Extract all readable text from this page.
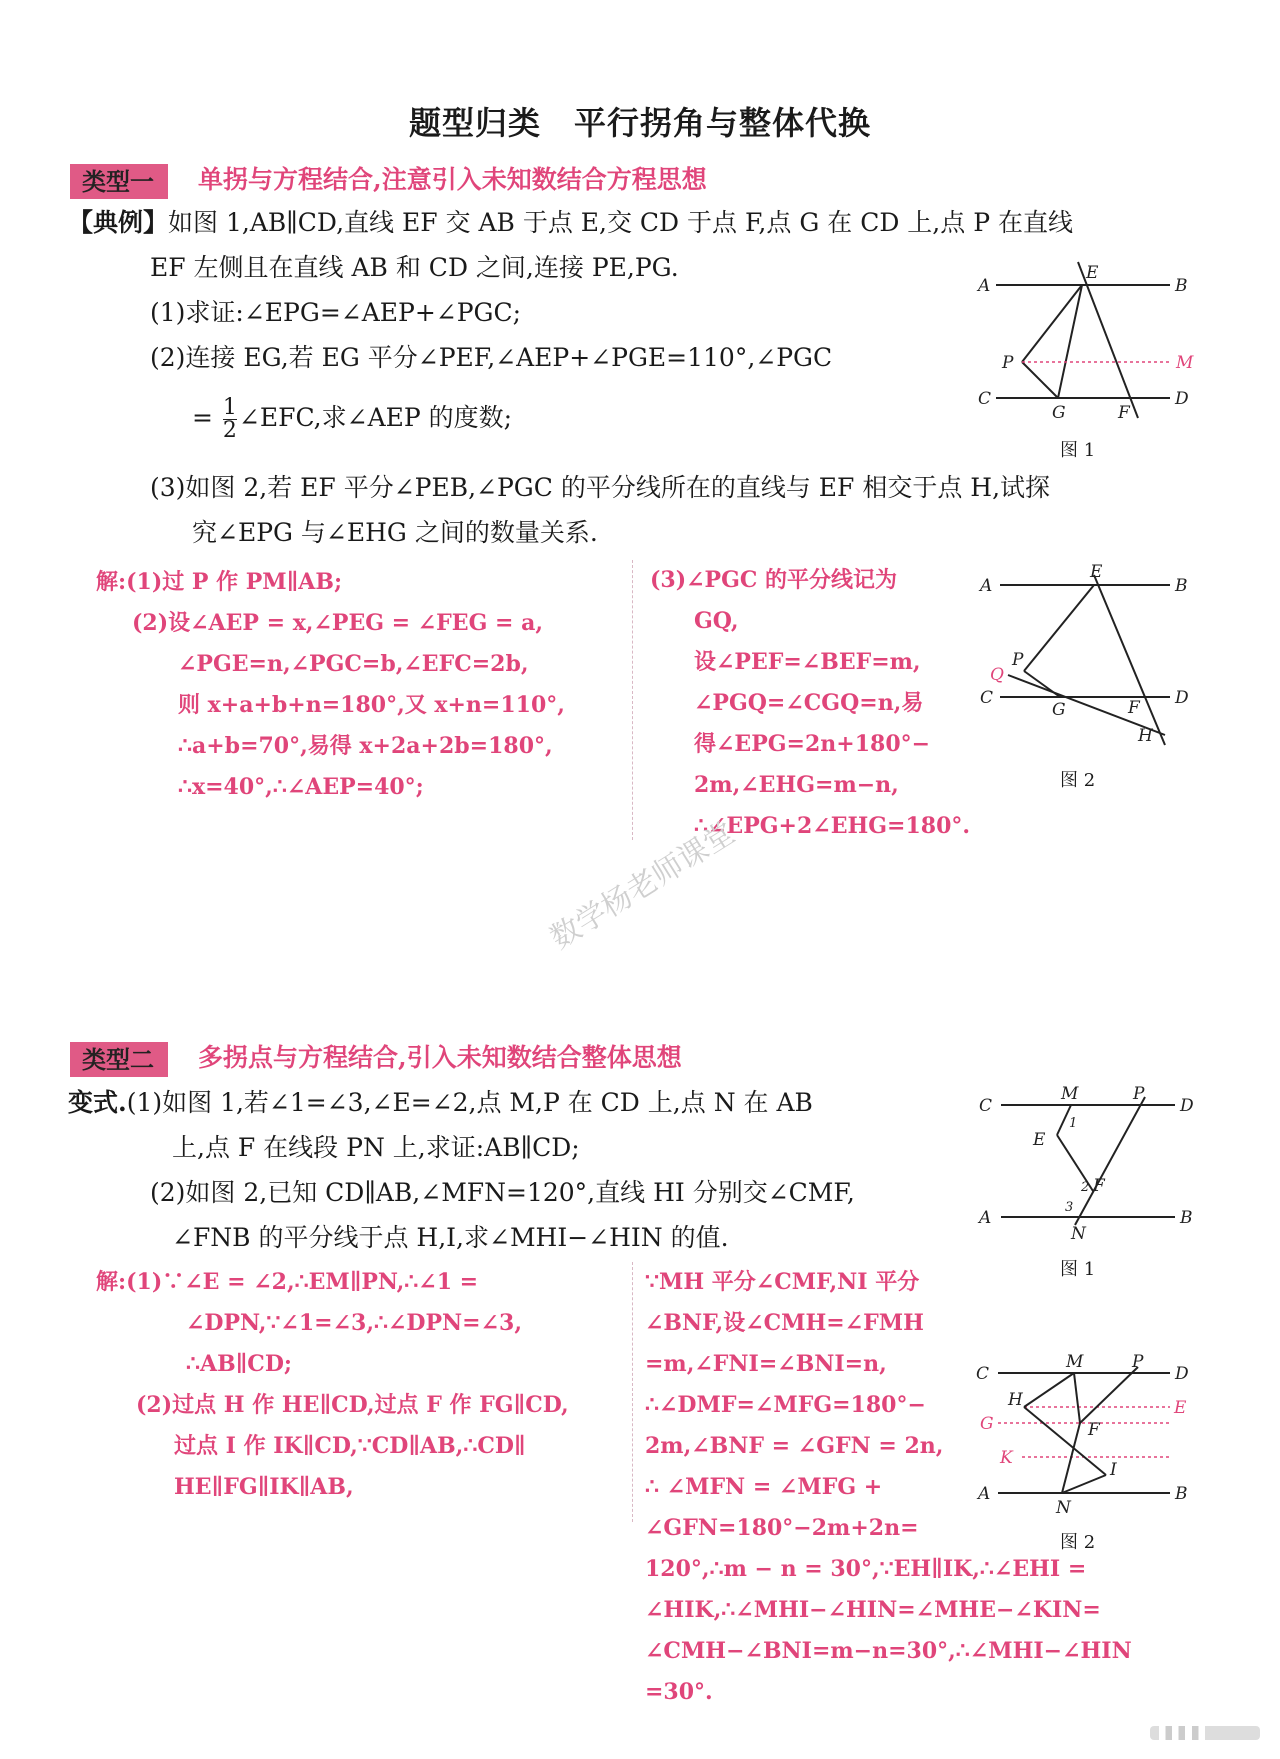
题型归类　平行拐角与整体代换
类型一	单拐与方程结合,注意引入未知数结合方程思想
【典例】如图 1,AB∥CD,直线 EF 交 AB 于点 E,交 CD 于点 F,点 G 在 CD 上,点 P 在直线
EF 左侧且在直线 AB 和 CD 之间,连接 PE,PG.
(1)求证:∠EPG=∠AEP+∠PGC;
(2)连接 EG,若 EG 平分∠PEF,∠AEP+∠PGE=110°,∠PGC
= $\frac{1}{2}$ ∠EFC,求∠AEP 的度数;
(3)如图 2,若 EF 平分∠PEB,∠PGC 的平分线所在的直线与 EF 相交于点 H,试探
究∠EPG 与∠EHG 之间的数量关系.
A
E
B
P	M
C
G	F
D
图 1
解:(1)过 P 作 PM∥AB;
(2)设∠AEP = x,∠PEG = ∠FEG = a,
∠PGE=n,∠PGC=b,∠EFC=2b,
则 x+a+b+n=180°,又 x+n=110°,
∴a+b=70°,易得 x+2a+2b=180°,
∴x=40°,∴∠AEP=40°;
(3)∠PGC 的平分线记为
GQ,
设∠PEF=∠BEF=m,
∠PGQ=∠CGQ=n,易
得∠EPG=2n+180°−
2m,∠EHG=m−n,
∴∠EPG+2∠EHG=180°.
A
E
B
P
Q
C
G	F D
H
图 2
数学杨老师课堂
类型二	多拐点与方程结合,引入未知数结合整体思想
变式.(1)如图 1,若∠1=∠3,∠E=∠2,点 M,P 在 CD 上,点 N 在 AB
上,点 F 在线段 PN 上,求证:AB∥CD;
(2)如图 2,已知 CD∥AB,∠MFN=120°,直线 HI 分别交∠CMF,
∠FNB 的平分线于点 H,I,求∠MHI−∠HIN 的值.
C
M	P
D
1
E
2 F
3
A
N
B
图 1
解:(1)∵∠E = ∠2,∴EM∥PN,∴∠1 =
∠DPN,∵∠1=∠3,∴∠DPN=∠3,
∴AB∥CD;
(2)过点 H 作 HE∥CD,过点 F 作 FG∥CD,
过点 I 作 IK∥CD,∵CD∥AB,∴CD∥
HE∥FG∥IK∥AB,
∵MH 平分∠CMF,NI 平分
∠BNF,设∠CMH=∠FMH
=m,∠FNI=∠BNI=n,
∴∠DMF=∠MFG=180°−
2m,∠BNF = ∠GFN = 2n,
∴ ∠MFN = ∠MFG +
∠GFN=180°−2m+2n=
120°,∴m − n = 30°,∵EH∥IK,∴∠EHI =
∠HIK,∴∠MHI−∠HIN=∠MHE−∠KIN=
∠CMH−∠BNI=m−n=30°,∴∠MHI−∠HIN
=30°.
C
M	P
D
H	E
G	F
K
I
A
N
B
图 2
